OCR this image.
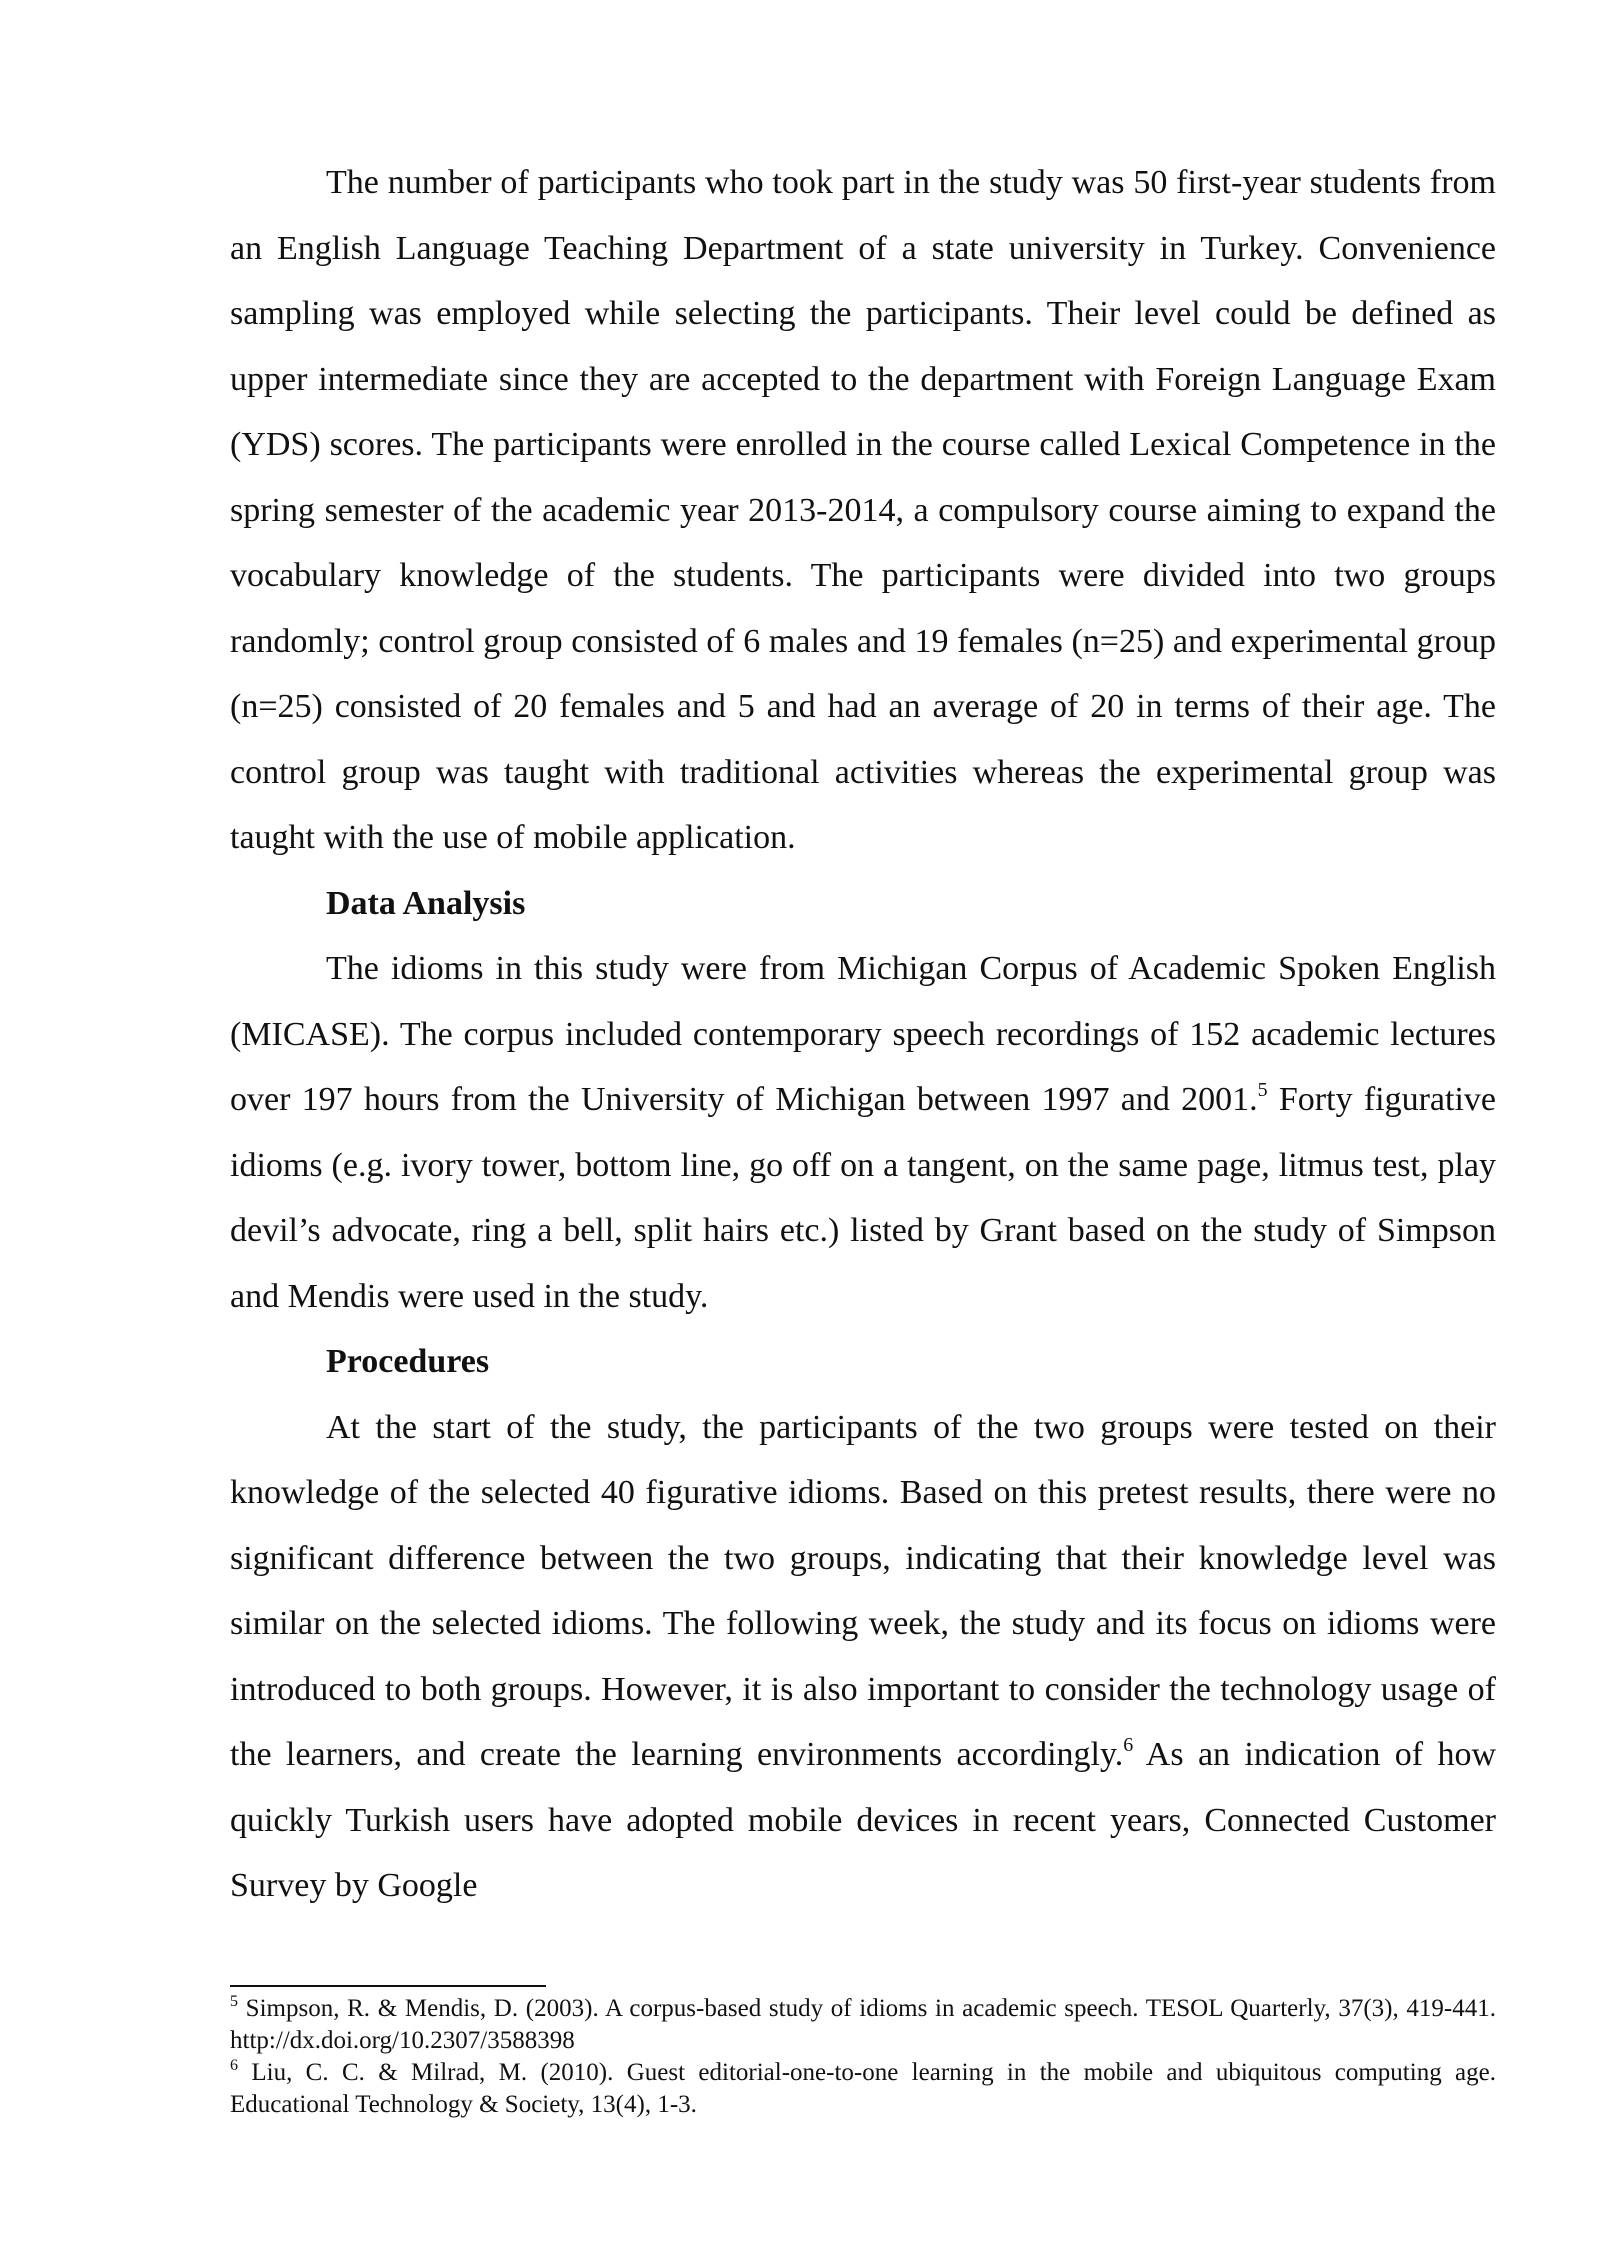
The number of participants who took part in the study was 50 first-year students from an English Language Teaching Department of a state university in Turkey. Convenience sampling was employed while selecting the participants. Their level could be defined as upper intermediate since they are accepted to the department with Foreign Language Exam (YDS) scores. The participants were enrolled in the course called Lexical Competence in the spring semester of the academic year 2013-2014, a compulsory course aiming to expand the vocabulary knowledge of the students. The participants were divided into two groups randomly; control group consisted of 6 males and 19 females (n=25) and experimental group (n=25) consisted of 20 females and 5 and had an average of 20 in terms of their age. The control group was taught with traditional activities whereas the experimental group was taught with the use of mobile application.

Data Analysis

The idioms in this study were from Michigan Corpus of Academic Spoken English (MICASE). The corpus included contemporary speech recordings of 152 academic lectures over 197 hours from the University of Michigan between 1997 and 2001.$^5$ Forty figurative idioms (e.g. ivory tower, bottom line, go off on a tangent, on the same page, litmus test, play devil’s advocate, ring a bell, split hairs etc.) listed by Grant based on the study of Simpson and Mendis were used in the study.

Procedures

At the start of the study, the participants of the two groups were tested on their knowledge of the selected 40 figurative idioms. Based on this pretest results, there were no significant difference between the two groups, indicating that their knowledge level was similar on the selected idioms. The following week, the study and its focus on idioms were introduced to both groups. However, it is also important to consider the technology usage of the learners, and create the learning environments accordingly.$^6$ As an indication of how quickly Turkish users have adopted mobile devices in recent years, Connected Customer Survey by Google

$^5$ Simpson, R. & Mendis, D. (2003). A corpus-based study of idioms in academic speech. TESOL Quarterly, 37(3), 419-441. http://dx.doi.org/10.2307/3588398

$^6$ Liu, C. C. & Milrad, M. (2010). Guest editorial-one-to-one learning in the mobile and ubiquitous computing age. Educational Technology & Society, 13(4), 1-3.
